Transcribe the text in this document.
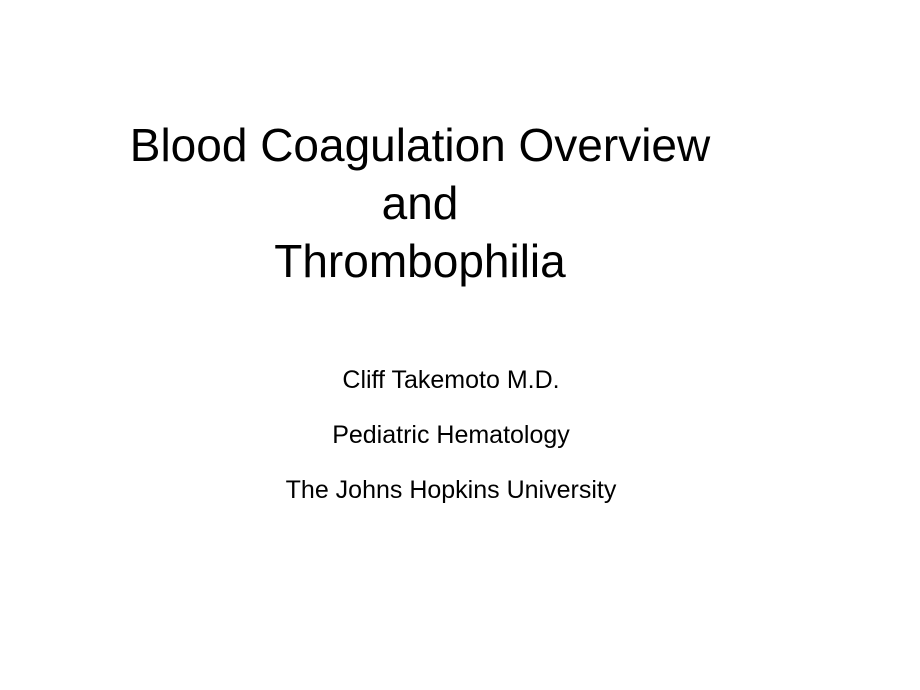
Blood Coagulation Overview
and
Thrombophilia
Cliff Takemoto M.D.
Pediatric Hematology
The Johns Hopkins University
